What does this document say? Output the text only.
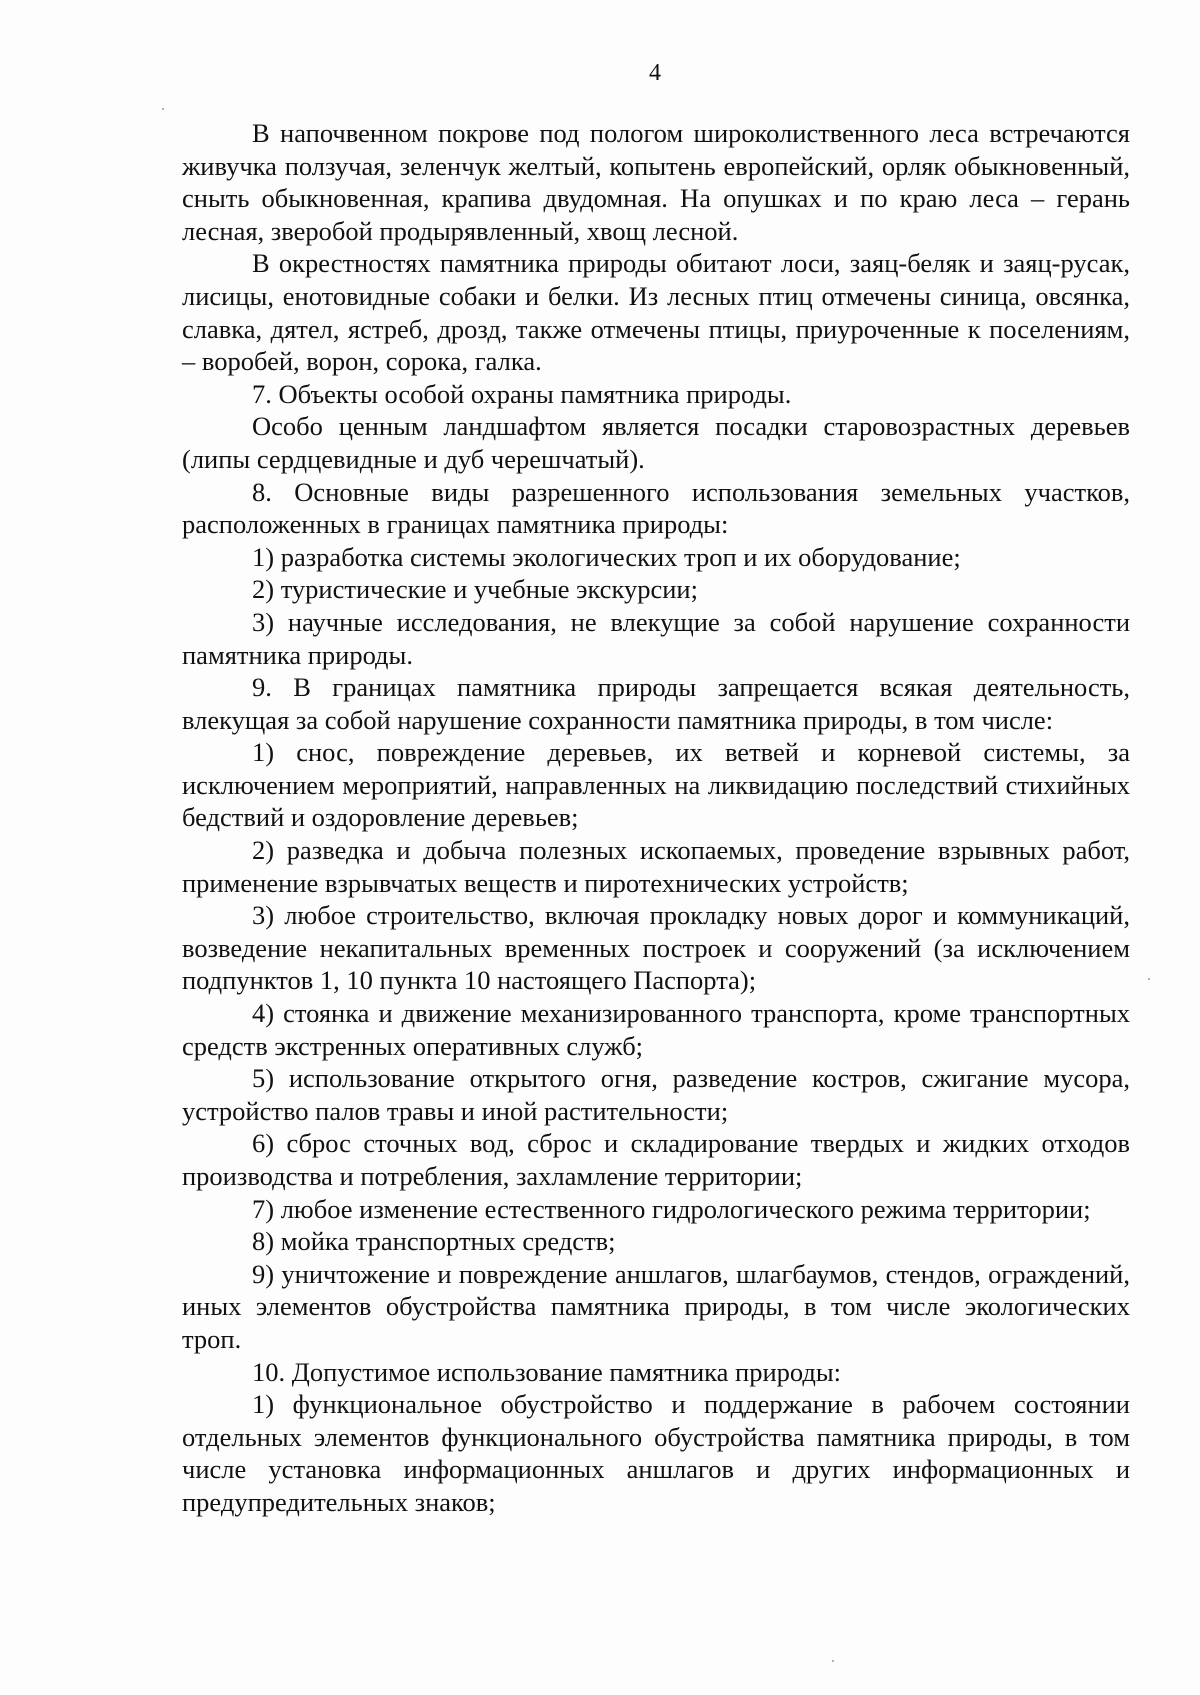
4

В напочвенном покрове под пологом широколиственного леса встречаются живучка ползучая, зеленчук желтый, копытень европейский, орляк обыкновенный, сныть обыкновенная, крапива двудомная. На опушках и по краю леса – герань лесная, зверобой продырявленный, хвощ лесной.

В окрестностях памятника природы обитают лоси, заяц-беляк и заяц-русак, лисицы, енотовидные собаки и белки. Из лесных птиц отмечены синица, овсянка, славка, дятел, ястреб, дрозд, также отмечены птицы, приуроченные к поселениям, – воробей, ворон, сорока, галка.

7. Объекты особой охраны памятника природы.

Особо ценным ландшафтом является посадки старовозрастных деревьев (липы сердцевидные и дуб черешчатый).

8. Основные виды разрешенного использования земельных участков, расположенных в границах памятника природы:

1) разработка системы экологических троп и их оборудование;

2) туристические и учебные экскурсии;

3) научные исследования, не влекущие за собой нарушение сохранности памятника природы.

9. В границах памятника природы запрещается всякая деятельность, влекущая за собой нарушение сохранности памятника природы, в том числе:

1) снос, повреждение деревьев, их ветвей и корневой системы, за исключением мероприятий, направленных на ликвидацию последствий стихийных бедствий и оздоровление деревьев;

2) разведка и добыча полезных ископаемых, проведение взрывных работ, применение взрывчатых веществ и пиротехнических устройств;

3) любое строительство, включая прокладку новых дорог и коммуникаций, возведение некапитальных временных построек и сооружений (за исключением подпунктов 1, 10 пункта 10 настоящего Паспорта);

4) стоянка и движение механизированного транспорта, кроме транспортных средств экстренных оперативных служб;

5) использование открытого огня, разведение костров, сжигание мусора, устройство палов травы и иной растительности;

6) сброс сточных вод, сброс и складирование твердых и жидких отходов производства и потребления, захламление территории;

7) любое изменение естественного гидрологического режима территории;

8) мойка транспортных средств;

9) уничтожение и повреждение аншлагов, шлагбаумов, стендов, ограждений, иных элементов обустройства памятника природы, в том числе экологических троп.

10. Допустимое использование памятника природы:

1) функциональное обустройство и поддержание в рабочем состоянии отдельных элементов функционального обустройства памятника природы, в том числе установка информационных аншлагов и других информационных и предупредительных знаков;
